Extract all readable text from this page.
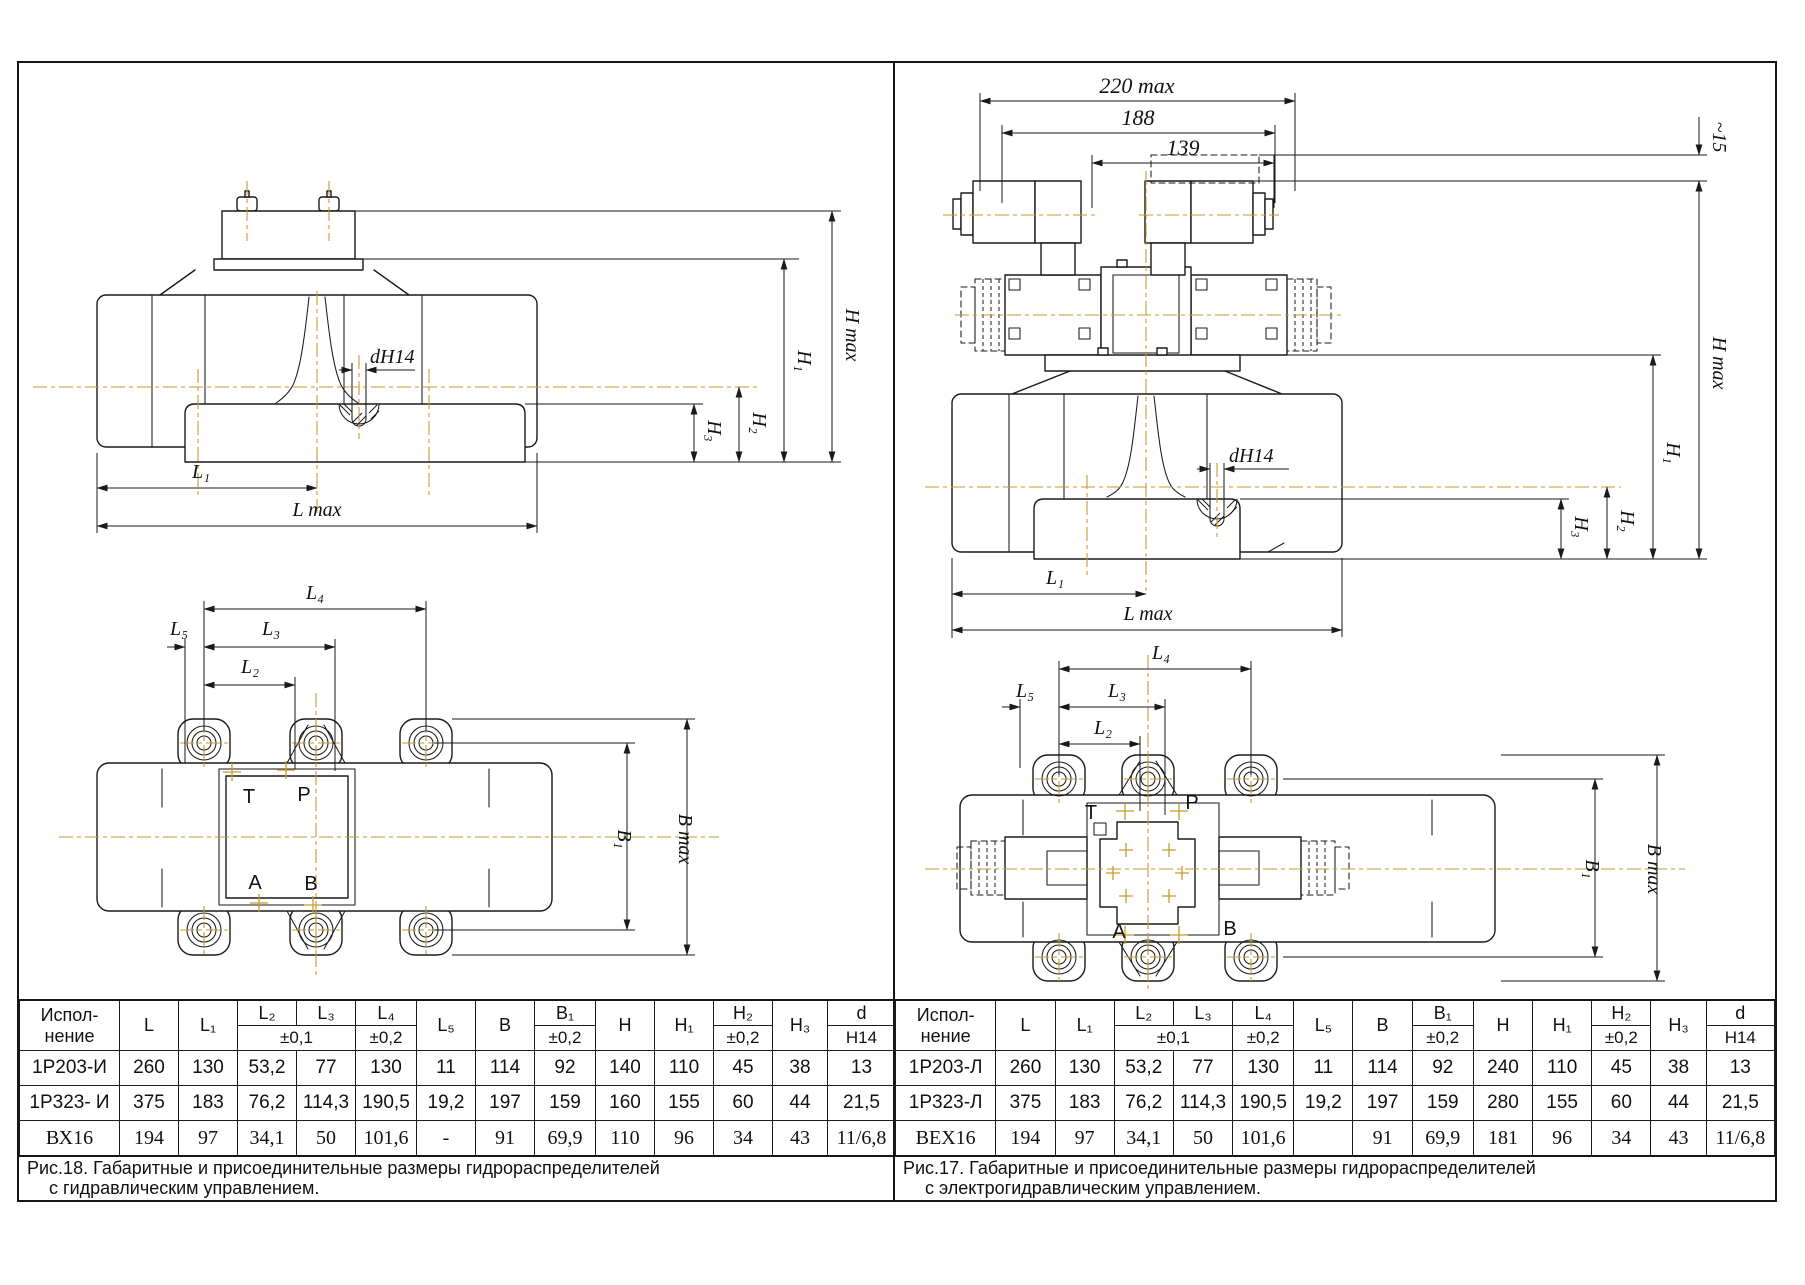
dН14
H₃ H₂
H₁ H max
L₁
L max
L₄
L₅	L₃
L₂
B₁ B max
T P
A B
220 max
188
139	~15
H max
H₁
H₂
H₃
dН14
L₁
L max
L₄
L₅	L₃
L₂
B₁ B max
T	P
A	B
Испол-
нение	L	L₁	L₂	L₃	L₄	L₅	B	B₁	H	H₁	H₂	H₃	d
			±0,1		±0,2			±0,2			±0,2		Н14
1Р203-И	260	130	53,2	77	130	11	114	92	140	110	45	38	13
1Р323- И	375	183	76,2	114,3	190,5	19,2	197	159	160	155	60	44	21,5
ВХ16	194	97	34,1	50	101,6	-	91	69,9	110	96	34	43	11/6,8
Испол-
нение	L	L₁	L₂	L₃	L₄	L₅	B	B₁	H	H₁	H₂	H₃	d
			±0,1		±0,2			±0,2			±0,2		Н14
1Р203-Л	260	130	53,2	77	130	11	114	92	240	110	45	38	13
1Р323-Л	375	183	76,2	114,3	190,5	19,2	197	159	280	155	60	44	21,5
ВЕХ16	194	97	34,1	50	101,6		91	69,9	181	96	34	43	11/6,8
Рис.18. Габаритные и присоединительные размеры гидрораспределителей
с гидравлическим управлением.
Рис.17. Габаритные и присоединительные размеры гидрораспределителей
с электрогидравлическим управлением.
